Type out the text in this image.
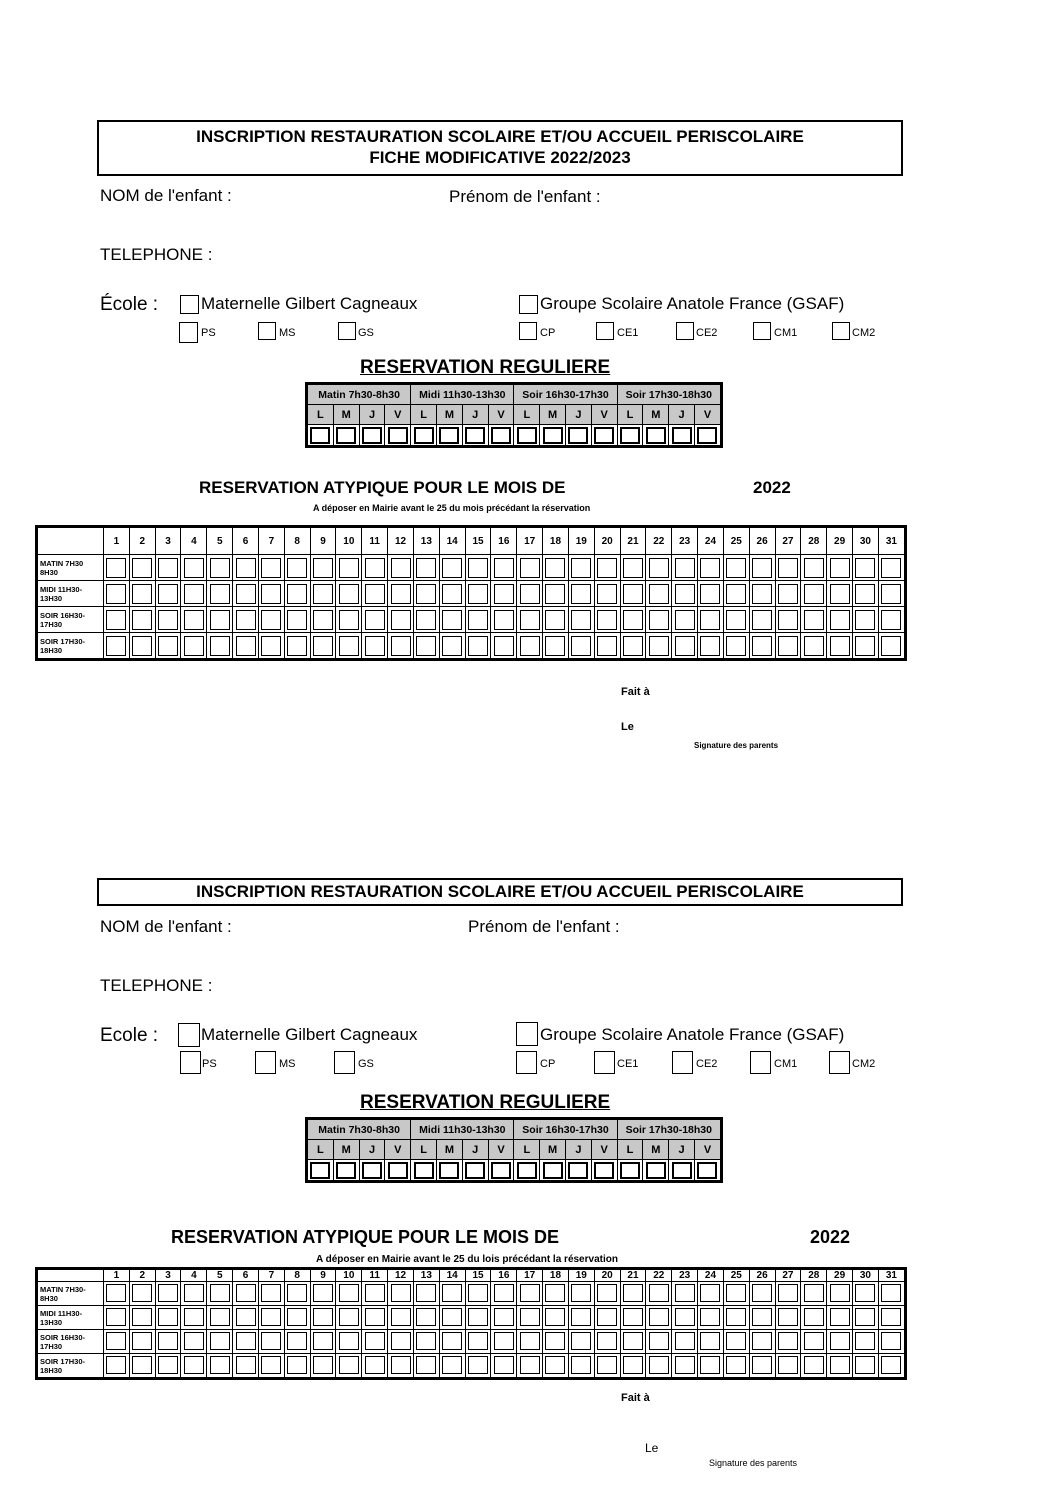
INSCRIPTION RESTAURATION SCOLAIRE ET/OU ACCUEIL PERISCOLAIRE
FICHE MODIFICATIVE 2022/2023
NOM de l'enfant :	Prénom de l'enfant :
TELEPHONE :
École :	Maternelle Gilbert Cagneaux	Groupe Scolaire Anatole France (GSAF)
PS	MS	GS	CP	CE1	CE2	CM1	CM2
RESERVATION REGULIERE
Matin 7h30-8h30				Midi 11h30-13h30				Soir 16h30-17h30				Soir 17h30-18h30			
L	M	J	V	L	M	J	V	L	M	J	V	L	M	J	V

RESERVATION ATYPIQUE POUR LE MOIS DE	2022
A déposer en Mairie avant le 25 du mois précédant la réservation
	1	2	3	4	5	6	7	8	9	10	11	12	13	14	15	16	17	18	19	20	21	22	23	24	25	26	27	28	29	30	31
MATIN 7H30 8H30																															
MIDI 11H30-13H30																															
SOIR 16H30-17H30																															
SOIR 17H30-18H30																															
Fait à
Le
Signature des parents
INSCRIPTION RESTAURATION SCOLAIRE ET/OU ACCUEIL PERISCOLAIRE
NOM de l'enfant :	Prénom de l'enfant :
TELEPHONE :
Ecole :	Maternelle Gilbert Cagneaux	Groupe Scolaire Anatole France (GSAF)
PS	MS	GS	CP	CE1	CE2	CM1	CM2
RESERVATION REGULIERE
Matin 7h30-8h30				Midi 11h30-13h30				Soir 16h30-17h30				Soir 17h30-18h30			
L	M	J	V	L	M	J	V	L	M	J	V	L	M	J	V

RESERVATION ATYPIQUE POUR LE MOIS DE	2022
A déposer en Mairie avant le 25 du lois précédant la réservation
	1	2	3	4	5	6	7	8	9	10	11	12	13	14	15	16	17	18	19	20	21	22	23	24	25	26	27	28	29	30	31
MATIN 7H30- 8H30																															
MIDI 11H30-13H30																															
SOIR 16H30-17H30																															
SOIR 17H30- 18H30																															
Fait à
Le
Signature des parents
